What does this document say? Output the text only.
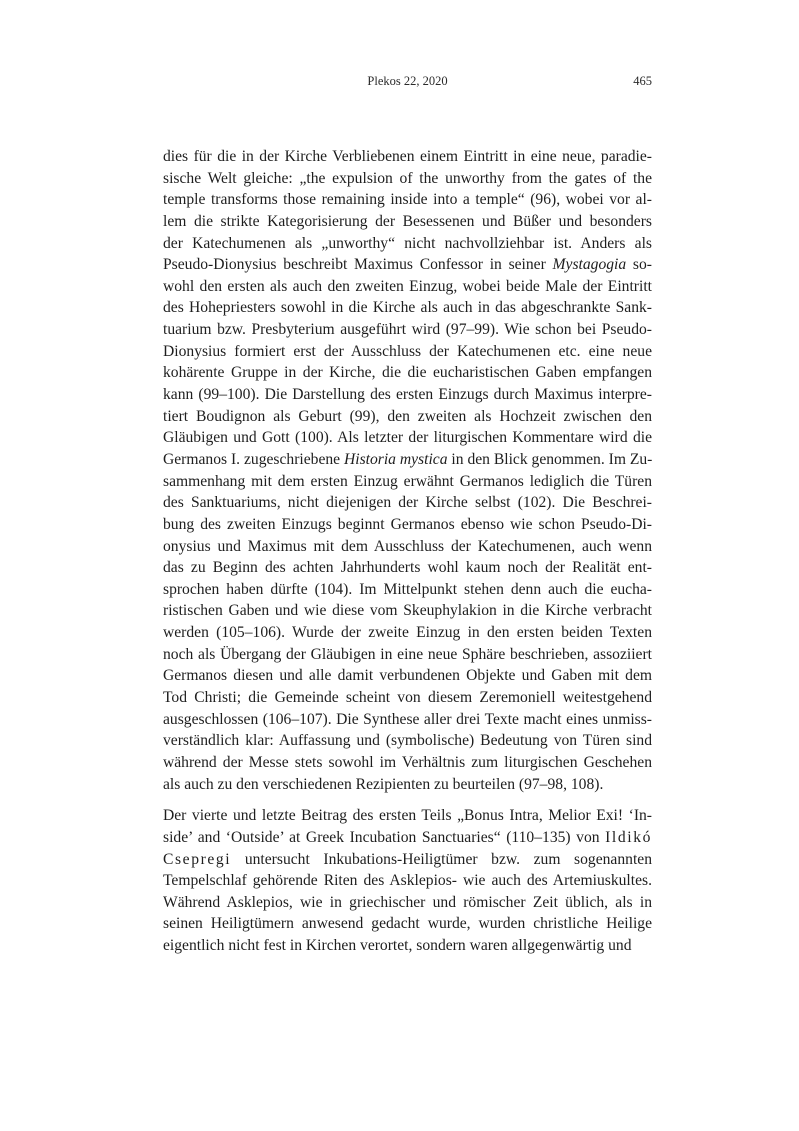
Plekos 22, 2020	465
dies für die in der Kirche Verbliebenen einem Eintritt in eine neue, paradie-
sische Welt gleiche: „the expulsion of the unworthy from the gates of the
temple transforms those remaining inside into a temple“ (96), wobei vor al-
lem die strikte Kategorisierung der Besessenen und Büßer und besonders
der Katechumenen als „unworthy“ nicht nachvollziehbar ist. Anders als
Pseudo-Dionysius beschreibt Maximus Confessor in seiner Mystagogia so-
wohl den ersten als auch den zweiten Einzug, wobei beide Male der Eintritt
des Hohepriesters sowohl in die Kirche als auch in das abgeschrankte Sank-
tuarium bzw. Presbyterium ausgeführt wird (97–99). Wie schon bei Pseudo-
Dionysius formiert erst der Ausschluss der Katechumenen etc. eine neue
kohärente Gruppe in der Kirche, die die eucharistischen Gaben empfangen
kann (99–100). Die Darstellung des ersten Einzugs durch Maximus interpre-
tiert Boudignon als Geburt (99), den zweiten als Hochzeit zwischen den
Gläubigen und Gott (100). Als letzter der liturgischen Kommentare wird die
Germanos I. zugeschriebene Historia mystica in den Blick genommen. Im Zu-
sammenhang mit dem ersten Einzug erwähnt Germanos lediglich die Türen
des Sanktuariums, nicht diejenigen der Kirche selbst (102). Die Beschrei-
bung des zweiten Einzugs beginnt Germanos ebenso wie schon Pseudo-Di-
onysius und Maximus mit dem Ausschluss der Katechumenen, auch wenn
das zu Beginn des achten Jahrhunderts wohl kaum noch der Realität ent-
sprochen haben dürfte (104). Im Mittelpunkt stehen denn auch die eucha-
ristischen Gaben und wie diese vom Skeuphylakion in die Kirche verbracht
werden (105–106). Wurde der zweite Einzug in den ersten beiden Texten
noch als Übergang der Gläubigen in eine neue Sphäre beschrieben, assoziiert
Germanos diesen und alle damit verbundenen Objekte und Gaben mit dem
Tod Christi; die Gemeinde scheint von diesem Zeremoniell weitestgehend
ausgeschlossen (106–107). Die Synthese aller drei Texte macht eines unmiss-
verständlich klar: Auffassung und (symbolische) Bedeutung von Türen sind
während der Messe stets sowohl im Verhältnis zum liturgischen Geschehen
als auch zu den verschiedenen Rezipienten zu beurteilen (97–98, 108).
Der vierte und letzte Beitrag des ersten Teils „Bonus Intra, Melior Exi! ‘In-
side’ and ‘Outside’ at Greek Incubation Sanctuaries“ (110–135) von Ildikó
Csepregi untersucht Inkubations-Heiligtümer bzw. zum sogenannten
Tempelschlaf gehörende Riten des Asklepios- wie auch des Artemiuskultes.
Während Asklepios, wie in griechischer und römischer Zeit üblich, als in
seinen Heiligtümern anwesend gedacht wurde, wurden christliche Heilige
eigentlich nicht fest in Kirchen verortet, sondern waren allgegenwärtig und
